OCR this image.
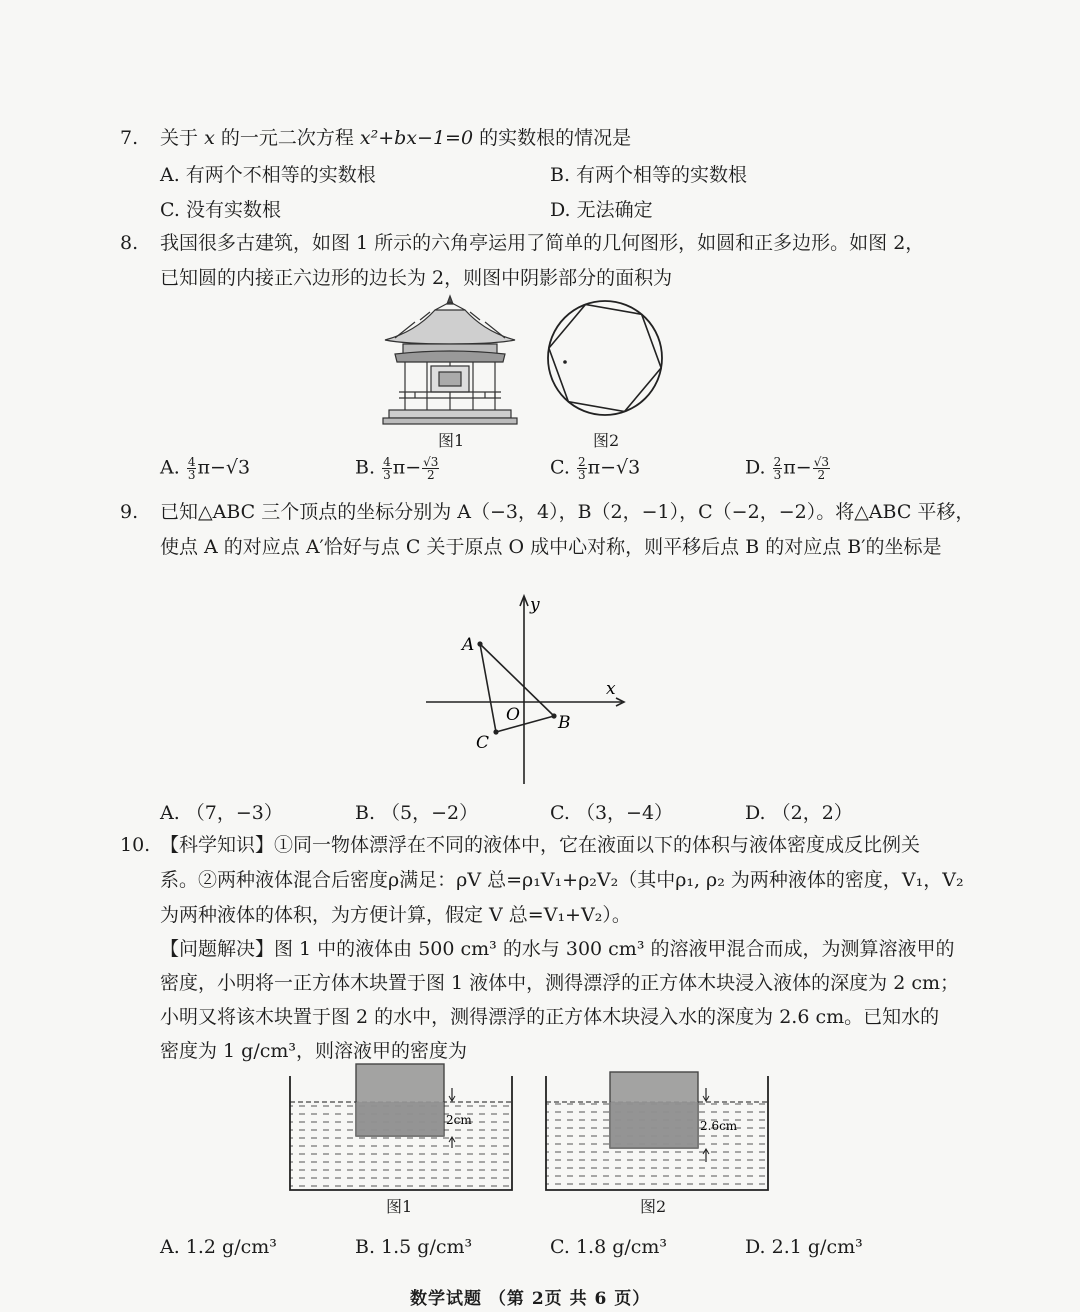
7. 关于 x 的一元二次方程 x²+bx−1=0 的实数根的情况是
A. 有两个不相等的实数根	B. 有两个相等的实数根
C. 没有实数根	D. 无法确定
8. 我国很多古建筑，如图 1 所示的六角亭运用了简单的几何图形，如圆和正多边形。如图 2，
已知圆的内接正六边形的边长为 2，则图中阴影部分的面积为
图1	图2
A. $\frac{4}{3} \pi-√3$	B. $\frac{4}{3} \pi- \frac{√3}{2}$	C. $\frac{2}{3} \pi-√3$	D. $\frac{2}{3} \pi- \frac{√3}{2}$
9. 已知△ABC 三个顶点的坐标分别为 A（−3，4），B（2，−1），C（−2，−2）。将△ABC 平移，
使点 A 的对应点 A′恰好与点 C 关于原点 O 成中心对称，则平移后点 B 的对应点 B′的坐标是
y
x
A
B
C
O
A. （7，−3）	B. （5，−2）	C. （3，−4）	D. （2，2）
10. 【科学知识】①同一物体漂浮在不同的液体中，它在液面以下的体积与液体密度成反比例关
系。②两种液体混合后密度ρ满足：ρV 总=ρ₁V₁+ρ₂V₂（其中ρ₁, ρ₂ 为两种液体的密度，V₁，V₂
为两种液体的体积，为方便计算，假定 V 总=V₁+V₂）。
【问题解决】图 1 中的液体由 500 cm³ 的水与 300 cm³ 的溶液甲混合而成，为测算溶液甲的
密度，小明将一正方体木块置于图 1 液体中，测得漂浮的正方体木块浸入液体的深度为 2 cm；
小明又将该木块置于图 2 的水中，测得漂浮的正方体木块浸入水的深度为 2.6 cm。已知水的
密度为 1 g/cm³，则溶液甲的密度为
2cm
图1
2.6cm
图2
A. 1.2 g/cm³	B. 1.5 g/cm³	C. 1.8 g/cm³	D. 2.1 g/cm³
数学试题 （第 2页 共 6 页）
